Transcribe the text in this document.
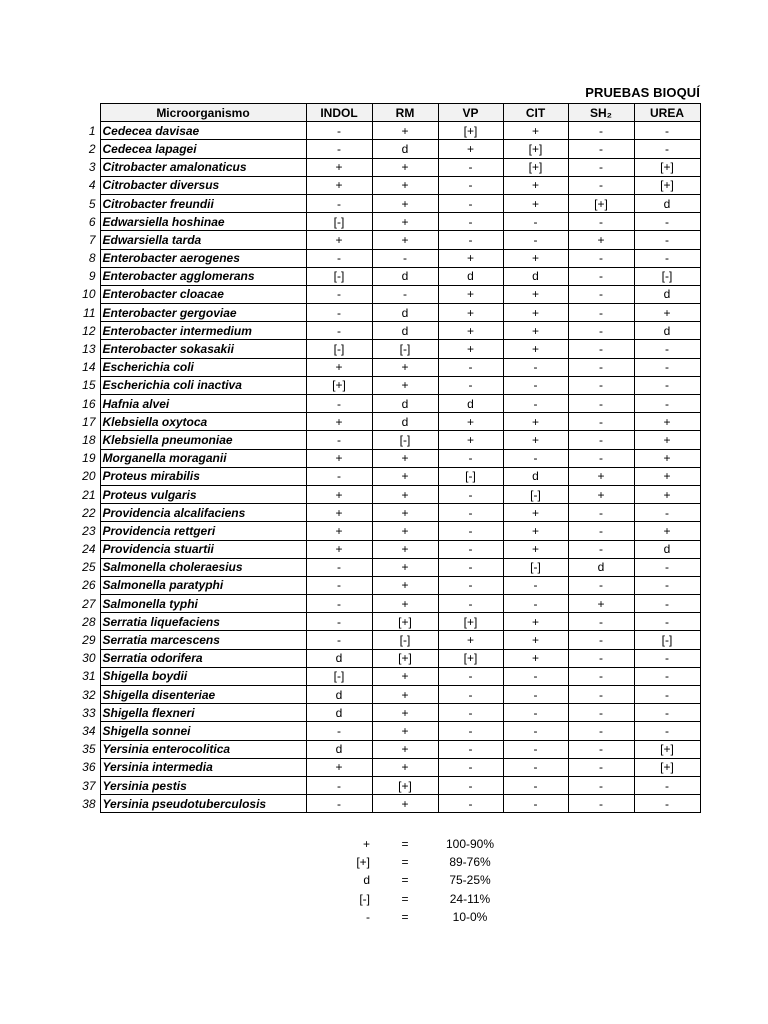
PRUEBAS BIOQUÍ
	Microorganismo	INDOL	RM	VP	CIT	SH₂	UREA
1	Cedecea davisae	-	+	[+]	+	-	-
2	Cedecea lapagei	-	d	+	[+]	-	-
3	Citrobacter amalonaticus	+	+	-	[+]	-	[+]
4	Citrobacter diversus	+	+	-	+	-	[+]
5	Citrobacter freundii	-	+	-	+	[+]	d
6	Edwarsiella hoshinae	[-]	+	-	-	-	-
7	Edwarsiella tarda	+	+	-	-	+	-
8	Enterobacter aerogenes	-	-	+	+	-	-
9	Enterobacter agglomerans	[-]	d	d	d	-	[-]
10	Enterobacter cloacae	-	-	+	+	-	d
11	Enterobacter gergoviae	-	d	+	+	-	+
12	Enterobacter intermedium	-	d	+	+	-	d
13	Enterobacter sokasakii	[-]	[-]	+	+	-	-
14	Escherichia coli	+	+	-	-	-	-
15	Escherichia coli inactiva	[+]	+	-	-	-	-
16	Hafnia alvei	-	d	d	-	-	-
17	Klebsiella oxytoca	+	d	+	+	-	+
18	Klebsiella pneumoniae	-	[-]	+	+	-	+
19	Morganella moraganii	+	+	-	-	-	+
20	Proteus mirabilis	-	+	[-]	d	+	+
21	Proteus vulgaris	+	+	-	[-]	+	+
22	Providencia alcalifaciens	+	+	-	+	-	-
23	Providencia rettgeri	+	+	-	+	-	+
24	Providencia stuartii	+	+	-	+	-	d
25	Salmonella choleraesius	-	+	-	[-]	d	-
26	Salmonella paratyphi	-	+	-	-	-	-
27	Salmonella typhi	-	+	-	-	+	-
28	Serratia liquefaciens	-	[+]	[+]	+	-	-
29	Serratia marcescens	-	[-]	+	+	-	[-]
30	Serratia odorifera	d	[+]	[+]	+	-	-
31	Shigella boydii	[-]	+	-	-	-	-
32	Shigella disenteriae	d	+	-	-	-	-
33	Shigella flexneri	d	+	-	-	-	-
34	Shigella sonnei	-	+	-	-	-	-
35	Yersinia enterocolitica	d	+	-	-	-	[+]
36	Yersinia intermedia	+	+	-	-	-	[+]
37	Yersinia pestis	-	[+]	-	-	-	-
38	Yersinia pseudotuberculosis	-	+	-	-	-	-
+	=	100-90%
[+]	=	89-76%
d	=	75-25%
[-]	=	24-11%
-	=	10-0%
